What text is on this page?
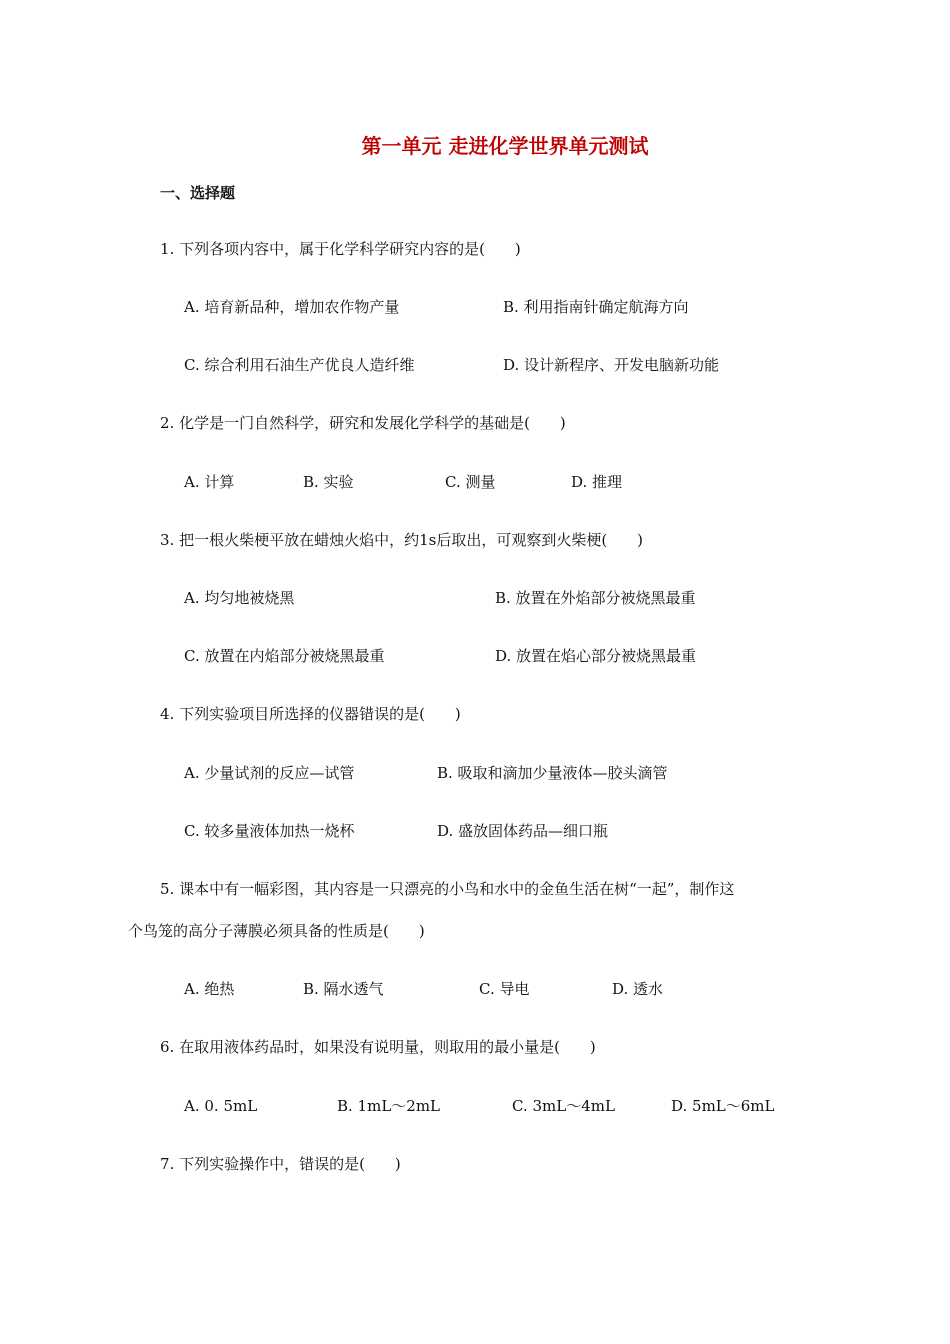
第一单元 走进化学世界单元测试
一、选择题
1. 下列各项内容中，属于化学科学研究内容的是(　　)
A. 培育新品种，增加农作物产量	B. 利用指南针确定航海方向
C. 综合利用石油生产优良人造纤维	D. 设计新程序、开发电脑新功能
2. 化学是一门自然科学，研究和发展化学科学的基础是(　　)
A. 计算	B. 实验	C. 测量	D. 推理
3. 把一根火柴梗平放在蜡烛火焰中，约1s后取出，可观察到火柴梗(　　)
A. 均匀地被烧黑	B. 放置在外焰部分被烧黑最重
C. 放置在内焰部分被烧黑最重	D. 放置在焰心部分被烧黑最重
4. 下列实验项目所选择的仪器错误的是(　　)
A. 少量试剂的反应—试管	B. 吸取和滴加少量液体—胶头滴管
C. 较多量液体加热一烧杯	D. 盛放固体药品—细口瓶
5. 课本中有一幅彩图，其内容是一只漂亮的小鸟和水中的金鱼生活在树“一起”，制作这
个鸟笼的高分子薄膜必须具备的性质是(　　)
A. 绝热	B. 隔水透气	C. 导电	D. 透水
6. 在取用液体药品时，如果没有说明量，则取用的最小量是(　　)
A. 0. 5mL	B. 1mL～2mL	C. 3mL～4mL	D. 5mL～6mL
7. 下列实验操作中，错误的是(　　)
